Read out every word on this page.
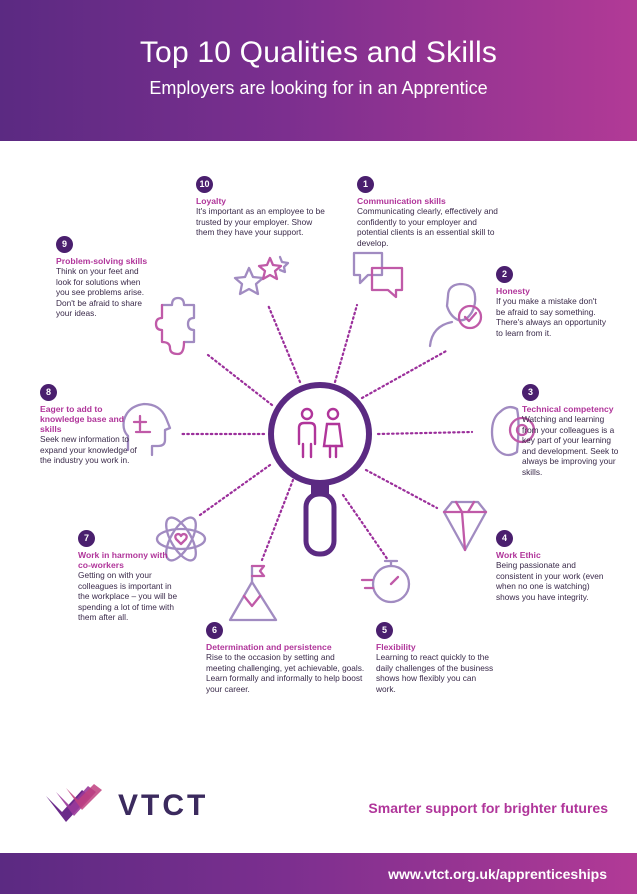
Top 10 Qualities and Skills
Employers are looking for in an Apprentice
1
Communication skills
Communicating clearly, effectively and confidently to your employer and potential clients is an essential skill to develop.
2
Honesty
If you make a mistake don't be afraid to say something. There's always an opportunity to learn from it.
3
Technical competency
Watching and learning from your colleagues is a key part of your learning and development. Seek to always be improving your skills.
4
Work Ethic
Being passionate and consistent in your work (even when no one is watching) shows you have integrity.
5
Flexibility
Learning to react quickly to the daily challenges of the business shows how flexibly you can work.
6
Determination and persistence
Rise to the occasion by setting and meeting challenging, yet achievable, goals. Learn formally and informally to help boost your career.
7
Work in harmony with co-workers
Getting on with your colleagues is important in the workplace – you will be spending a lot of time with them after all.
8
Eager to add to knowledge base and skills
Seek new information to expand your knowledge of the industry you work in.
9
Problem-solving skills
Think on your feet and look for solutions when you see problems arise. Don't be afraid to share your ideas.
10
Loyalty
It's important as an employee to be trusted by your employer. Show them they have your support.
VTCT	Smarter support for brighter futures
www.vtct.org.uk/apprenticeships
